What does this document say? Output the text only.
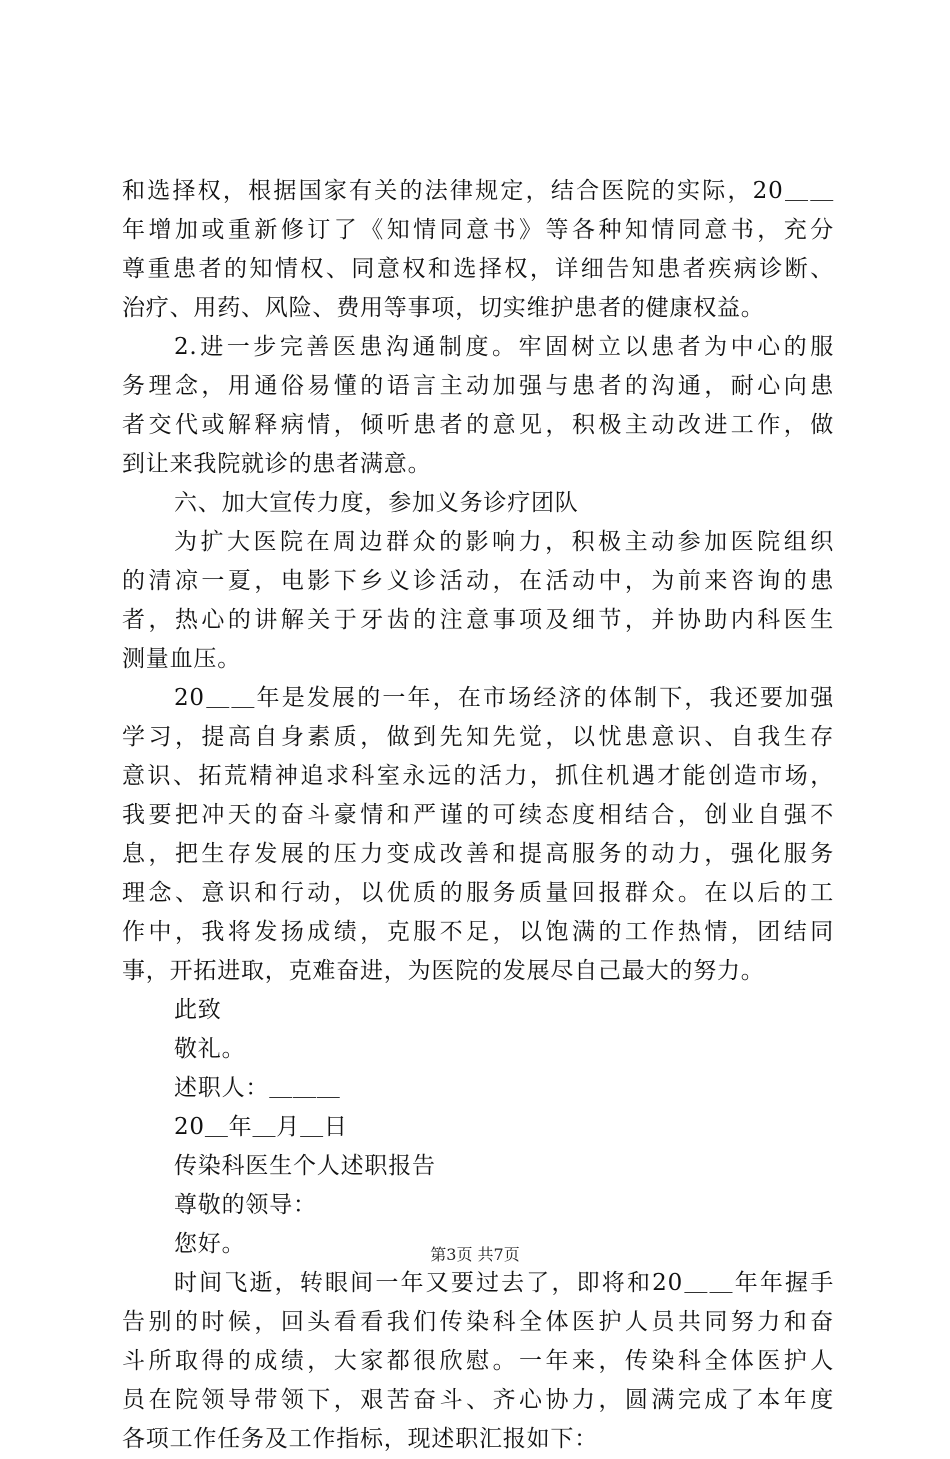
和选择权，根据国家有关的法律规定，结合医院的实际，20＿＿
年增加或重新修订了《知情同意书》等各种知情同意书，充分
尊重患者的知情权、同意权和选择权，详细告知患者疾病诊断、
治疗、用药、风险、费用等事项，切实维护患者的健康权益。
2.进一步完善医患沟通制度。牢固树立以患者为中心的服
务理念，用通俗易懂的语言主动加强与患者的沟通，耐心向患
者交代或解释病情，倾听患者的意见，积极主动改进工作，做
到让来我院就诊的患者满意。
六、加大宣传力度，参加义务诊疗团队
为扩大医院在周边群众的影响力，积极主动参加医院组织
的清凉一夏，电影下乡义诊活动，在活动中，为前来咨询的患
者，热心的讲解关于牙齿的注意事项及细节，并协助内科医生
测量血压。
20＿＿年是发展的一年，在市场经济的体制下，我还要加强
学习，提高自身素质，做到先知先觉，以忧患意识、自我生存
意识、拓荒精神追求科室永远的活力，抓住机遇才能创造市场，
我要把冲天的奋斗豪情和严谨的可续态度相结合，创业自强不
息，把生存发展的压力变成改善和提高服务的动力，强化服务
理念、意识和行动，以优质的服务质量回报群众。在以后的工
作中，我将发扬成绩，克服不足，以饱满的工作热情，团结同
事，开拓进取，克难奋进，为医院的发展尽自己最大的努力。
此致
敬礼。
述职人：＿＿＿
20＿年＿月＿日
传染科医生个人述职报告
尊敬的领导：
您好。
时间飞逝，转眼间一年又要过去了，即将和20＿＿年年握手
告别的时候，回头看看我们传染科全体医护人员共同努力和奋
斗所取得的成绩，大家都很欣慰。一年来，传染科全体医护人
员在院领导带领下，艰苦奋斗、齐心协力，圆满完成了本年度
各项工作任务及工作指标，现述职汇报如下：
第3页 共7页
